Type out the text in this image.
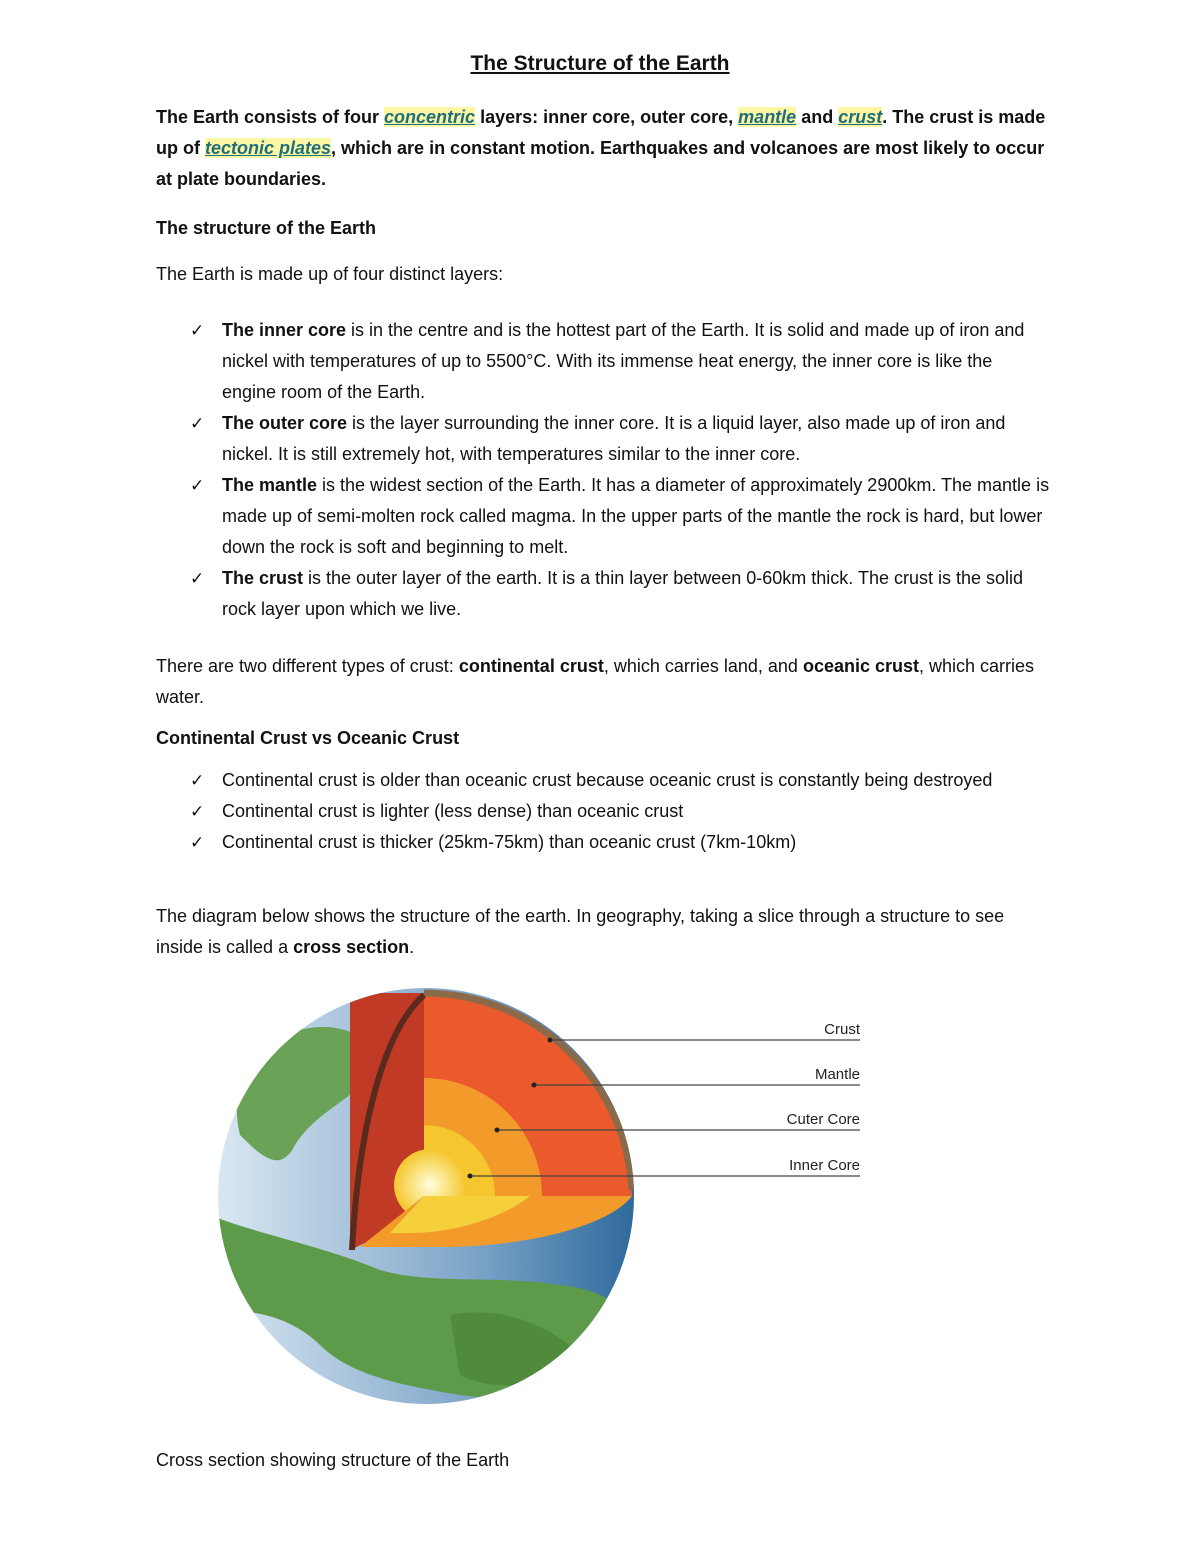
The Structure of the Earth
The Earth consists of four concentric layers: inner core, outer core, mantle and crust. The crust is made up of tectonic plates, which are in constant motion. Earthquakes and volcanoes are most likely to occur at plate boundaries.
The structure of the Earth
The Earth is made up of four distinct layers:
✓ The inner core is in the centre and is the hottest part of the Earth. It is solid and made up of iron and nickel with temperatures of up to 5500°C. With its immense heat energy, the inner core is like the engine room of the Earth.
✓ The outer core is the layer surrounding the inner core. It is a liquid layer, also made up of iron and nickel. It is still extremely hot, with temperatures similar to the inner core.
✓ The mantle is the widest section of the Earth. It has a diameter of approximately 2900km. The mantle is made up of semi-molten rock called magma. In the upper parts of the mantle the rock is hard, but lower down the rock is soft and beginning to melt.
✓ The crust is the outer layer of the earth. It is a thin layer between 0-60km thick. The crust is the solid rock layer upon which we live.
There are two different types of crust: continental crust, which carries land, and oceanic crust, which carries water.
Continental Crust vs Oceanic Crust
✓ Continental crust is older than oceanic crust because oceanic crust is constantly being destroyed
✓ Continental crust is lighter (less dense) than oceanic crust
✓ Continental crust is thicker (25km-75km) than oceanic crust (7km-10km)
The diagram below shows the structure of the earth. In geography, taking a slice through a structure to see inside is called a cross section.
Crust
Mantle
Cuter Core
Inner Core
Cross section showing structure of the Earth
